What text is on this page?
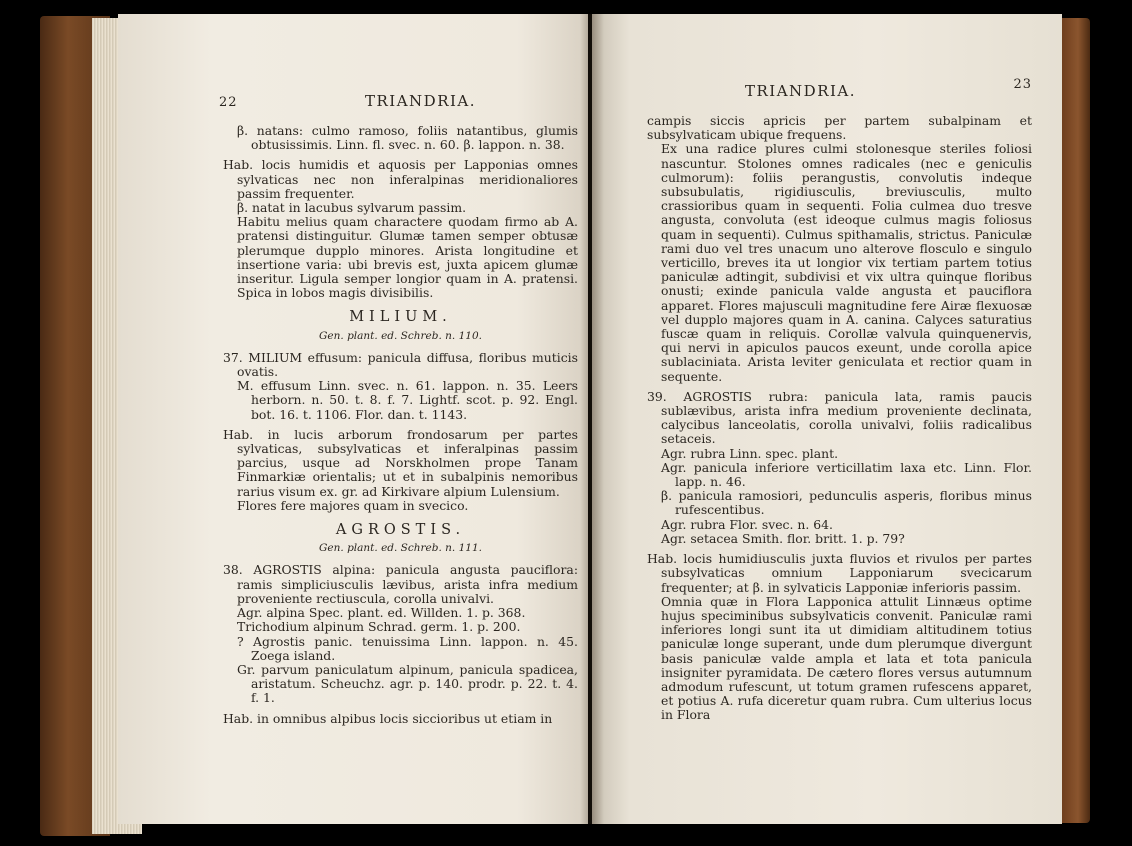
22	TRIANDRIA.

β. natans: culmo ramoso, foliis natantibus, glumis obtusissimis. Linn. fl. svec. n. 60. β. lappon. n. 38.

Hab. locis humidis et aquosis per Lapponias omnes sylvaticas nec non inferalpinas meridionaliores passim frequenter.

β. natat in lacubus sylvarum passim.

Habitu melius quam charactere quodam firmo ab A. pratensi distinguitur. Glumæ tamen semper obtusæ plerumque dupplo minores. Arista longitudine et insertione varia: ubi brevis est, juxta apicem glumæ inseritur. Ligula semper longior quam in A. pratensi. Spica in lobos magis divisibilis.

MILIUM.

Gen. plant. ed. Schreb. n. 110.

37. MILIUM effusum: panicula diffusa, floribus muticis ovatis.

M. effusum Linn. svec. n. 61. lappon. n. 35. Leers herborn. n. 50. t. 8. f. 7. Lightf. scot. p. 92. Engl. bot. 16. t. 1106. Flor. dan. t. 1143.

Hab. in lucis arborum frondosarum per partes sylvaticas, subsylvaticas et inferalpinas passim parcius, usque ad Norskholmen prope Tanam Finmarkiæ orientalis; ut et in subalpinis nemoribus rarius visum ex. gr. ad Kirkivare alpium Lulensium.

Flores fere majores quam in svecico.

AGROSTIS.

Gen. plant. ed. Schreb. n. 111.

38. AGROSTIS alpina: panicula angusta pauciflora: ramis simpliciusculis lævibus, arista infra medium proveniente rectiuscula, corolla univalvi.

Agr. alpina Spec. plant. ed. Willden. 1. p. 368.

Trichodium alpinum Schrad. germ. 1. p. 200.

? Agrostis panic. tenuissima Linn. lappon. n. 45. Zoega island.

Gr. parvum paniculatum alpinum, panicula spadicea, aristatum. Scheuchz. agr. p. 140. prodr. p. 22. t. 4. f. 1.

Hab. in omnibus alpibus locis siccioribus ut etiam in

TRIANDRIA.	23

campis siccis apricis per partem subalpinam et subsylvaticam ubique frequens.

Ex una radice plures culmi stolonesque steriles foliosi nascuntur. Stolones omnes radicales (nec e geniculis culmorum): foliis perangustis, convolutis indeque subsubulatis, rigidiusculis, breviusculis, multo crassioribus quam in sequenti. Folia culmea duo tresve angusta, convoluta (est ideoque culmus magis foliosus quam in sequenti). Culmus spithamalis, strictus. Paniculæ rami duo vel tres unacum uno alterove flosculo e singulo verticillo, breves ita ut longior vix tertiam partem totius paniculæ adtingit, subdivisi et vix ultra quinque floribus onusti; exinde panicula valde angusta et pauciflora apparet. Flores majusculi magnitudine fere Airæ flexuosæ vel dupplo majores quam in A. canina. Calyces saturatius fuscæ quam in reliquis. Corollæ valvula quinquenervis, qui nervi in apiculos paucos exeunt, unde corolla apice sublaciniata. Arista leviter geniculata et rectior quam in sequente.

39. AGROSTIS rubra: panicula lata, ramis paucis sublævibus, arista infra medium proveniente declinata, calycibus lanceolatis, corolla univalvi, foliis radicalibus setaceis.

Agr. rubra Linn. spec. plant.

Agr. panicula inferiore verticillatim laxa etc. Linn. Flor. lapp. n. 46.

β. panicula ramosiori, pedunculis asperis, floribus minus rufescentibus.

Agr. rubra Flor. svec. n. 64.

Agr. setacea Smith. flor. britt. 1. p. 79?

Hab. locis humidiusculis juxta fluvios et rivulos per partes subsylvaticas omnium Lapponiarum svecicarum frequenter; at β. in sylvaticis Lapponiæ inferioris passim.

Omnia quæ in Flora Lapponica attulit Linnæus optime hujus speciminibus subsylvaticis convenit. Paniculæ rami inferiores longi sunt ita ut dimidiam altitudinem totius paniculæ longe superant, unde dum plerumque divergunt basis paniculæ valde ampla et lata et tota panicula insigniter pyramidata. De cætero flores versus autumnum admodum rufescunt, ut totum gramen rufescens apparet, et potius A. rufa diceretur quam rubra. Cum ulterius locus in Flora
